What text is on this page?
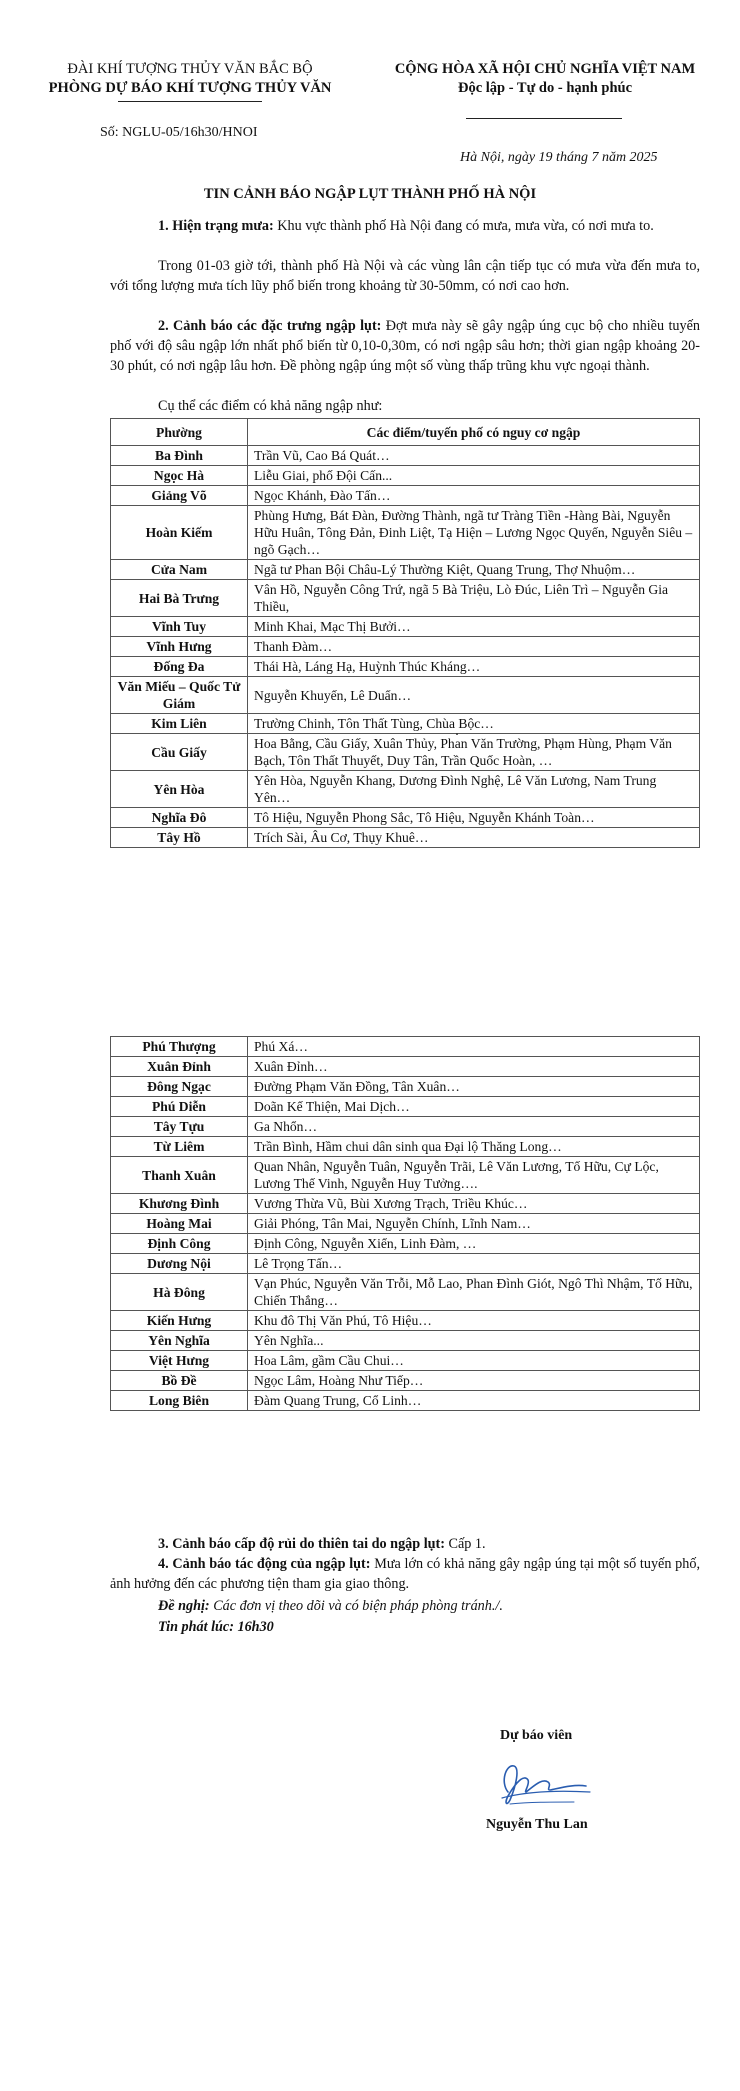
ĐÀI KHÍ TƯỢNG THỦY VĂN BẮC BỘ
PHÒNG DỰ BÁO KHÍ TƯỢNG THỦY VĂN
CỘNG HÒA XÃ HỘI CHỦ NGHĨA VIỆT NAM
Độc lập - Tự do - hạnh phúc
Số: NGLU-05/16h30/HNOI
Hà Nội, ngày 19 tháng 7 năm 2025
TIN CẢNH BÁO NGẬP LỤT THÀNH PHỐ HÀ NỘI
1. Hiện trạng mưa: Khu vực thành phố Hà Nội đang có mưa, mưa vừa, có nơi mưa to.
Trong 01-03 giờ tới, thành phố Hà Nội và các vùng lân cận tiếp tục có mưa vừa đến mưa to, với tổng lượng mưa tích lũy phổ biến trong khoảng từ 30-50mm, có nơi cao hơn.
2. Cảnh báo các đặc trưng ngập lụt: Đợt mưa này sẽ gây ngập úng cục bộ cho nhiều tuyến phố với độ sâu ngập lớn nhất phổ biến từ 0,10-0,30m, có nơi ngập sâu hơn; thời gian ngập khoảng 20-30 phút, có nơi ngập lâu hơn. Đề phòng ngập úng một số vùng thấp trũng khu vực ngoại thành.
Cụ thể các điểm có khả năng ngập như:
Phường	Các điểm/tuyến phố có nguy cơ ngập
Ba Đình	Trần Vũ, Cao Bá Quát…
Ngọc Hà	Liễu Giai, phố Đội Cấn...
Giảng Võ	Ngọc Khánh, Đào Tấn…
Hoàn Kiếm	Phùng Hưng, Bát Đàn, Đường Thành, ngã tư Tràng Tiền -Hàng Bài, Nguyễn Hữu Huân, Tông Đản, Đinh Liệt, Tạ Hiện – Lương Ngọc Quyến, Nguyễn Siêu – ngõ Gạch…
Cửa Nam	Ngã tư Phan Bội Châu-Lý Thường Kiệt, Quang Trung, Thợ Nhuộm…
Hai Bà Trưng	Vân Hồ, Nguyễn Công Trứ, ngã 5 Bà Triệu, Lò Đúc, Liên Trì – Nguyễn Gia Thiều,
Vĩnh Tuy	Minh Khai, Mạc Thị Bưởi…
Vĩnh Hưng	Thanh Đàm…
Đống Đa	Thái Hà, Láng Hạ, Huỳnh Thúc Kháng…
Văn Miếu – Quốc Tử Giám	Nguyễn Khuyến, Lê Duẩn…
Kim Liên	Trường Chinh, Tôn Thất Tùng, Chùa Bộc…
Cầu Giấy	Hoa Bằng, Cầu Giấy, Xuân Thủy, Phan Văn Trường, Phạm Hùng, Phạm Văn Bạch, Tôn Thất Thuyết, Duy Tân, Trần Quốc Hoàn, …
Yên Hòa	Yên Hòa, Nguyễn Khang, Dương Đình Nghệ, Lê Văn Lương, Nam Trung Yên…
Nghĩa Đô	Tô Hiệu, Nguyễn Phong Sắc, Tô Hiệu, Nguyễn Khánh Toàn…
Tây Hồ	Trích Sài, Âu Cơ, Thụy Khuê…
Phú Thượng	Phú Xá…
Xuân Đỉnh	Xuân Đỉnh…
Đông Ngạc	Đường Phạm Văn Đồng, Tân Xuân…
Phú Diễn	Doãn Kế Thiện, Mai Dịch…
Tây Tựu	Ga Nhổn…
Từ Liêm	Trần Bình, Hầm chui dân sinh qua Đại lộ Thăng Long…
Thanh Xuân	Quan Nhân, Nguyễn Tuân, Nguyễn Trãi, Lê Văn Lương, Tố Hữu, Cự Lộc, Lương Thế Vinh, Nguyễn Huy Tưởng….
Khương Đình	Vương Thừa Vũ, Bùi Xương Trạch, Triều Khúc…
Hoàng Mai	Giải Phóng, Tân Mai, Nguyễn Chính, Lĩnh Nam…
Định Công	Định Công, Nguyễn Xiển, Linh Đàm, …
Dương Nội	Lê Trọng Tấn…
Hà Đông	Vạn Phúc, Nguyễn Văn Trỗi, Mỗ Lao, Phan Đình Giót, Ngô Thì Nhậm, Tố Hữu, Chiến Thắng…
Kiến Hưng	Khu đô Thị Văn Phú, Tô Hiệu…
Yên Nghĩa	Yên Nghĩa...
Việt Hưng	Hoa Lâm, gầm Cầu Chui…
Bồ Đề	Ngọc Lâm, Hoàng Như Tiếp…
Long Biên	Đàm Quang Trung, Cổ Linh…
3. Cảnh báo cấp độ rủi do thiên tai do ngập lụt: Cấp 1.
4. Cảnh báo tác động của ngập lụt: Mưa lớn có khả năng gây ngập úng tại một số tuyến phố, ảnh hưởng đến các phương tiện tham gia giao thông.
Đề nghị: Các đơn vị theo dõi và có biện pháp phòng tránh./.
Tin phát lúc: 16h30
Dự báo viên
Nguyễn Thu Lan
